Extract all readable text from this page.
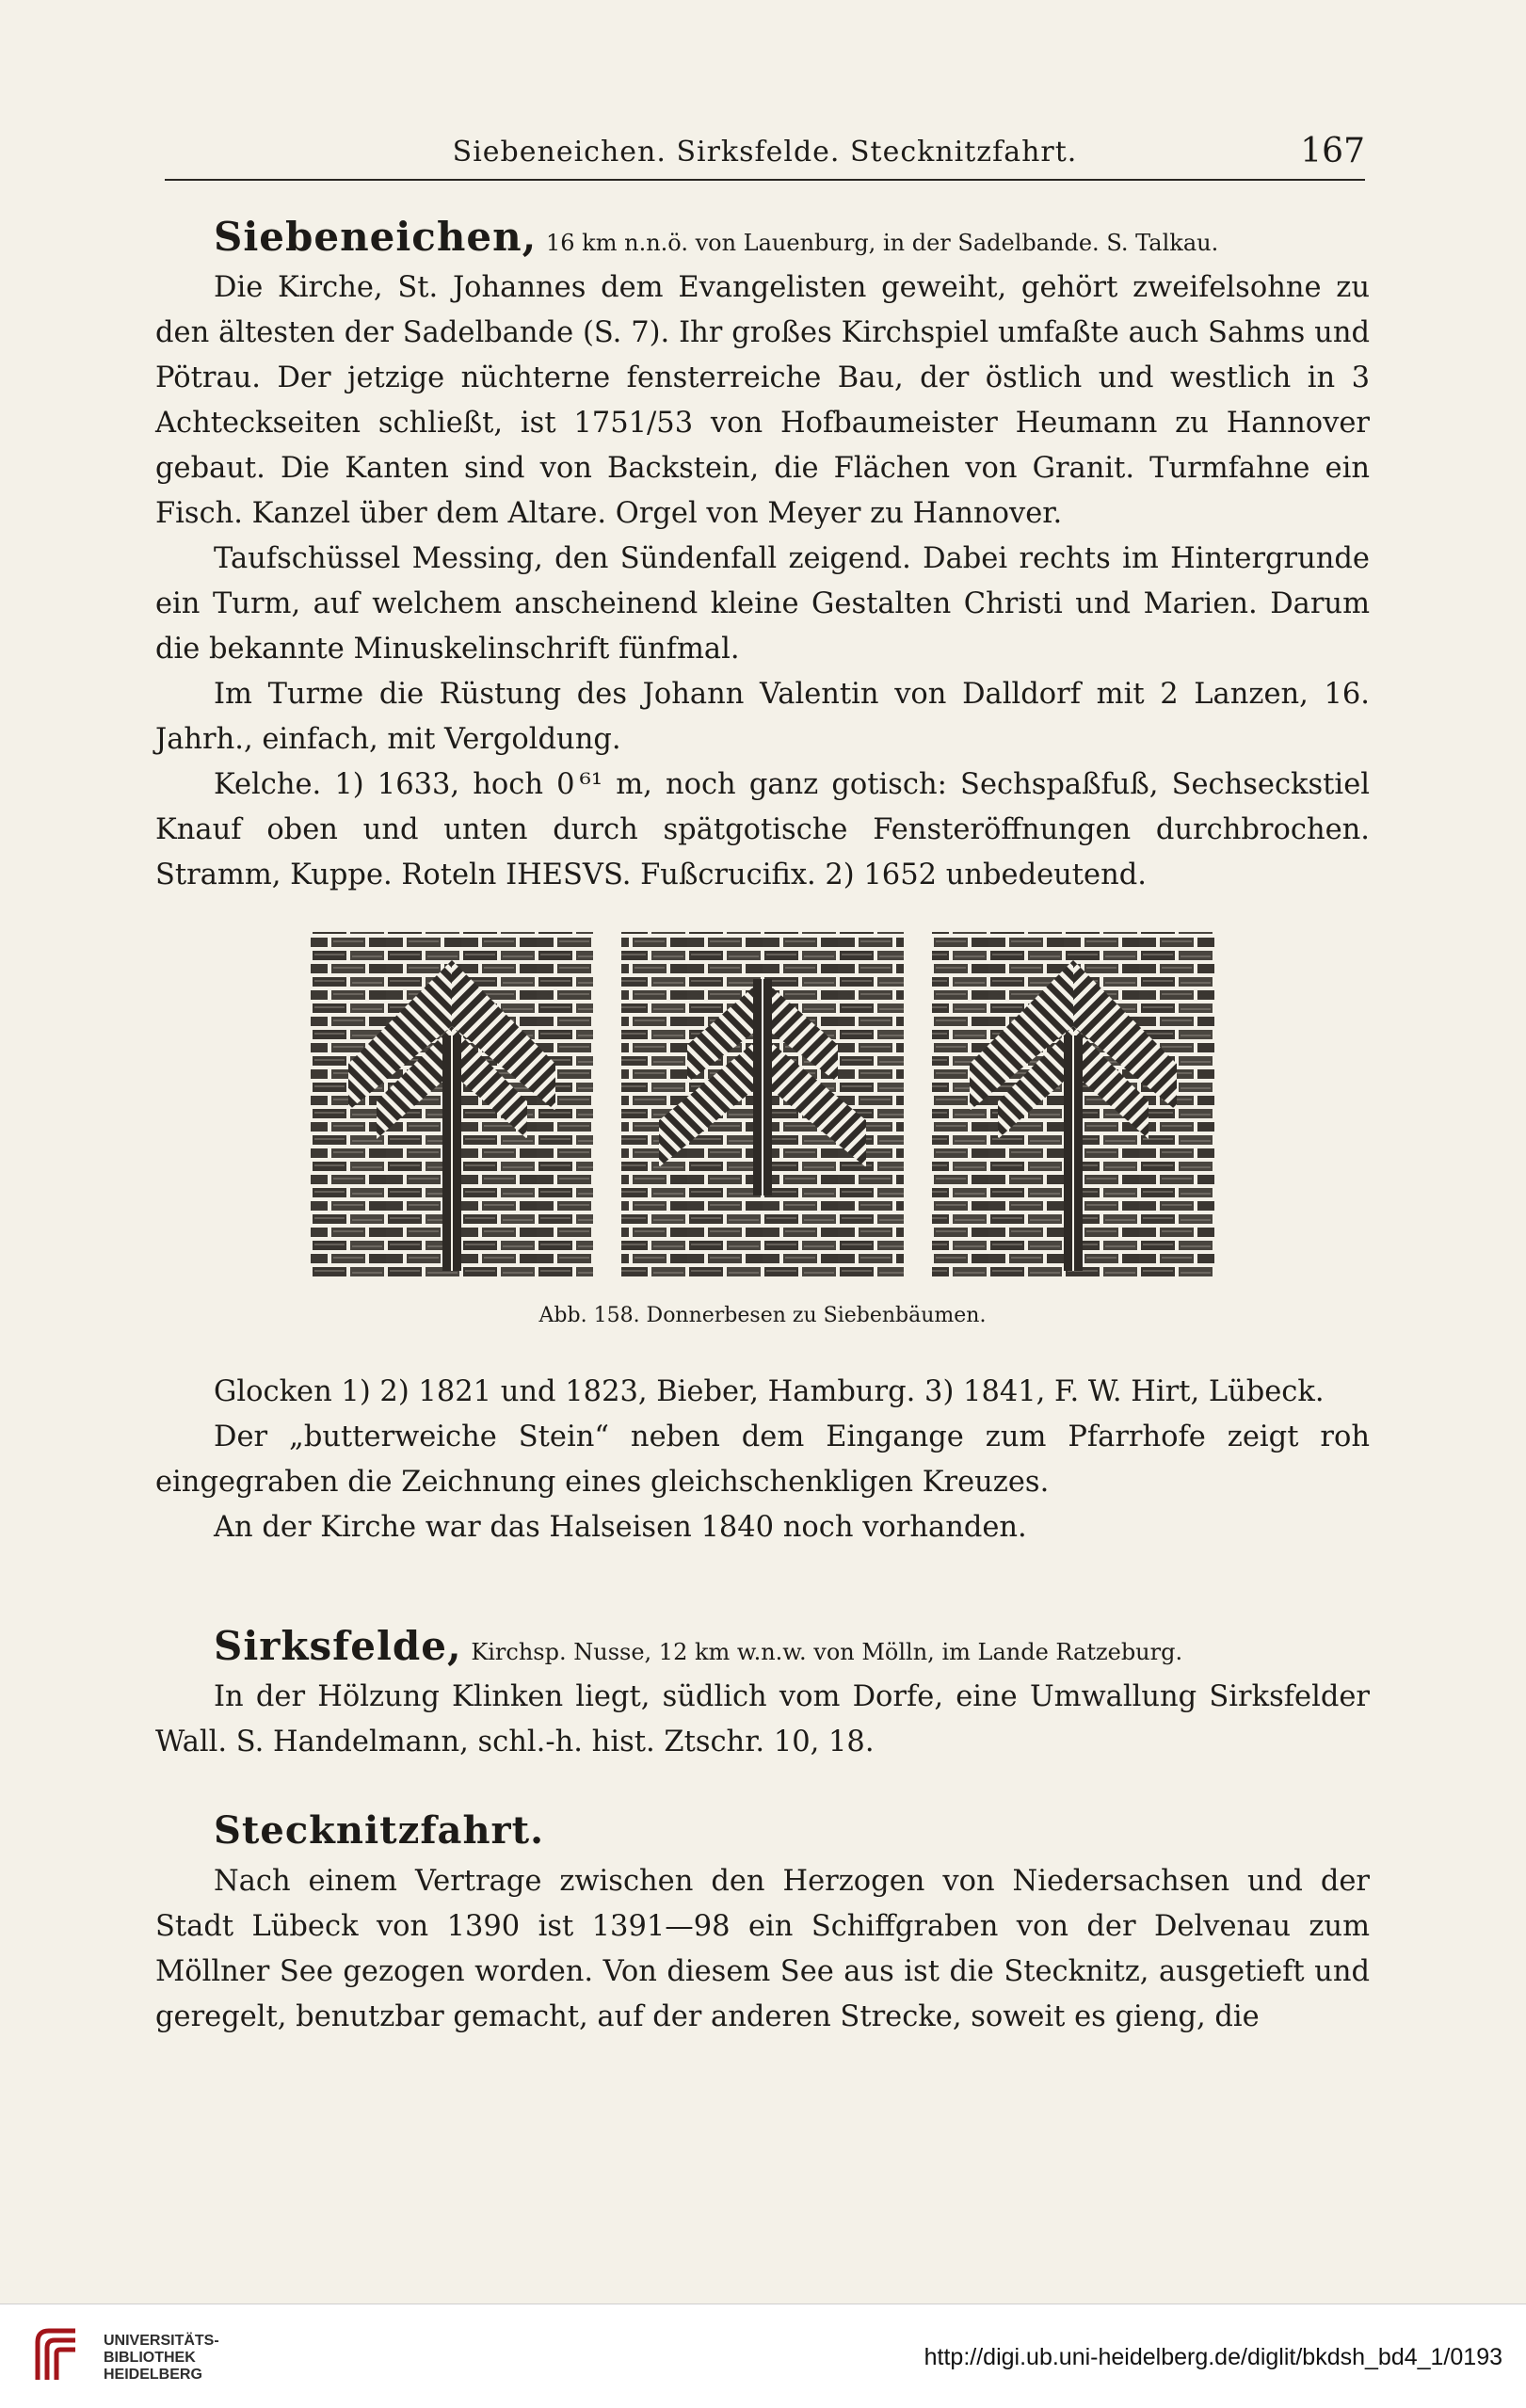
Siebeneichen. Sirksfelde. Stecknitzfahrt.	167

Siebeneichen, 16 km n.n.ö. von Lauenburg, in der Sadelbande. S. Talkau.

Die Kirche, St. Johannes dem Evangelisten geweiht, gehört zweifelsohne zu den ältesten der Sadelbande (S. 7). Ihr großes Kirchspiel umfaßte auch Sahms und Pötrau. Der jetzige nüchterne fensterreiche Bau, der östlich und westlich in 3 Achteckseiten schließt, ist 1751/53 von Hofbaumeister Heumann zu Hannover gebaut. Die Kanten sind von Backstein, die Flächen von Granit. Turmfahne ein Fisch. Kanzel über dem Altare. Orgel von Meyer zu Hannover.

Taufschüssel Messing, den Sündenfall zeigend. Dabei rechts im Hintergrunde ein Turm, auf welchem anscheinend kleine Gestalten Christi und Marien. Darum die bekannte Minuskelinschrift fünfmal.

Im Turme die Rüstung des Johann Valentin von Dalldorf mit 2 Lanzen, 16. Jahrh., einfach, mit Vergoldung.

Kelche. 1) 1633, hoch 0 ⁶¹ m, noch ganz gotisch: Sechspaßfuß, Sechseckstiel Knauf oben und unten durch spätgotische Fensteröffnungen durchbrochen. Stramm, Kuppe. Roteln IHESVS. Fußcrucifix. 2) 1652 unbedeutend.

Abb. 158. Donnerbesen zu Siebenbäumen.

Glocken 1) 2) 1821 und 1823, Bieber, Hamburg. 3) 1841, F. W. Hirt, Lübeck.

Der „butterweiche Stein“ neben dem Eingange zum Pfarrhofe zeigt roh eingegraben die Zeichnung eines gleichschenkligen Kreuzes.

An der Kirche war das Halseisen 1840 noch vorhanden.

Sirksfelde, Kirchsp. Nusse, 12 km w.n.w. von Mölln, im Lande Ratzeburg.

In der Hölzung Klinken liegt, südlich vom Dorfe, eine Umwallung Sirksfelder Wall. S. Handelmann, schl.-h. hist. Ztschr. 10, 18.

Stecknitzfahrt.

Nach einem Vertrage zwischen den Herzogen von Niedersachsen und der Stadt Lübeck von 1390 ist 1391—98 ein Schiffgraben von der Delvenau zum Möllner See gezogen worden. Von diesem See aus ist die Stecknitz, ausgetieft und geregelt, benutzbar gemacht, auf der anderen Strecke, soweit es gieng, die

UNIVERSITÄTS-
BIBLIOTHEK
HEIDELBERG
http://digi.ub.uni-heidelberg.de/diglit/bkdsh_bd4_1/0193
